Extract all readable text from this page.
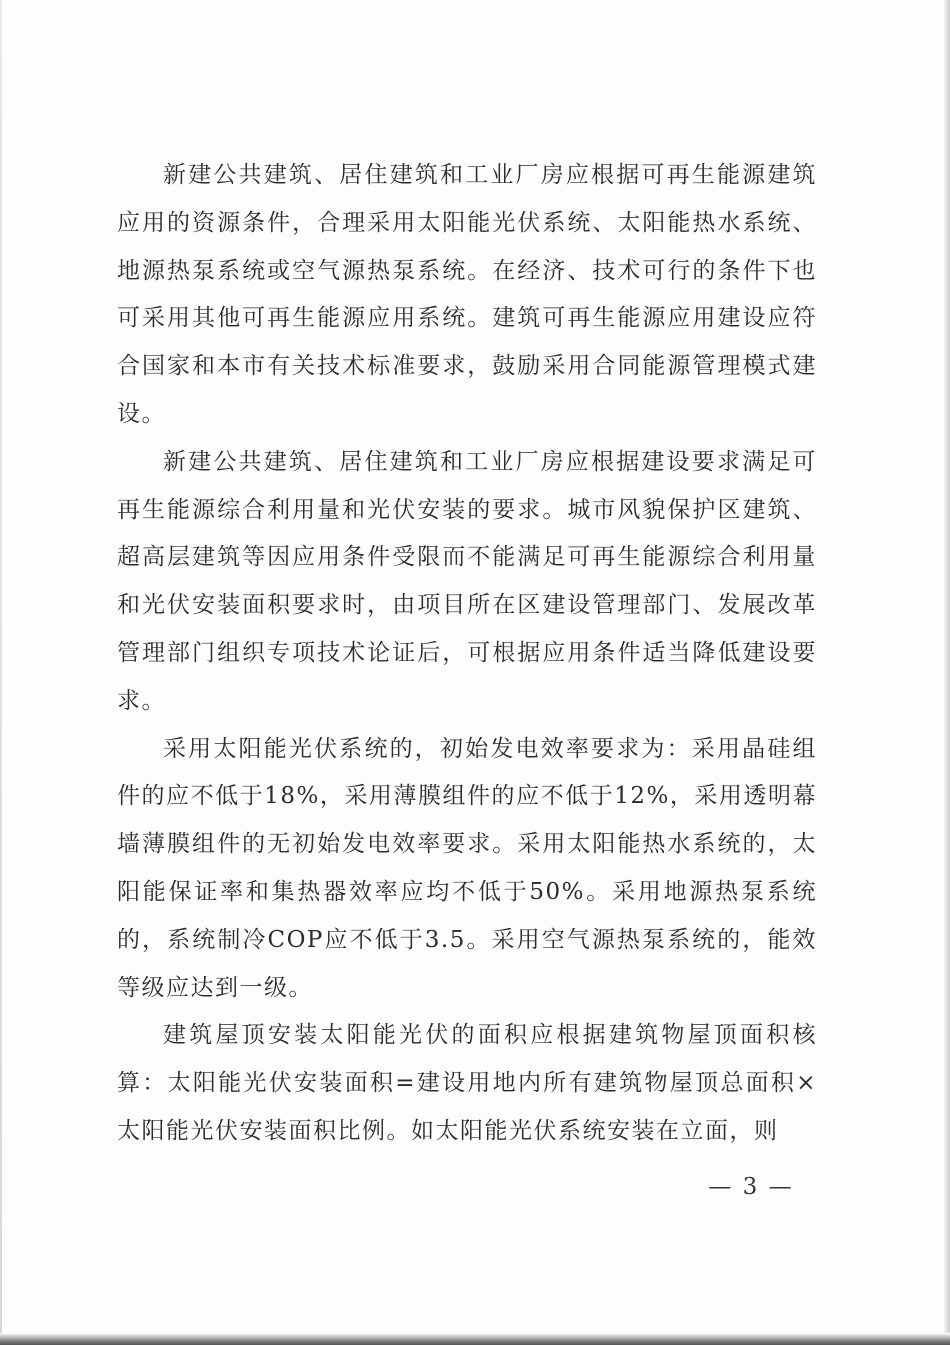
新建公共建筑、居住建筑和工业厂房应根据可再生能源建筑应用的资源条件，合理采用太阳能光伏系统、太阳能热水系统、地源热泵系统或空气源热泵系统。在经济、技术可行的条件下也可采用其他可再生能源应用系统。建筑可再生能源应用建设应符合国家和本市有关技术标准要求，鼓励采用合同能源管理模式建设。

新建公共建筑、居住建筑和工业厂房应根据建设要求满足可再生能源综合利用量和光伏安装的要求。城市风貌保护区建筑、超高层建筑等因应用条件受限而不能满足可再生能源综合利用量和光伏安装面积要求时，由项目所在区建设管理部门、发展改革管理部门组织专项技术论证后，可根据应用条件适当降低建设要求。

采用太阳能光伏系统的，初始发电效率要求为：采用晶硅组件的应不低于18%，采用薄膜组件的应不低于12%，采用透明幕墙薄膜组件的无初始发电效率要求。采用太阳能热水系统的，太阳能保证率和集热器效率应均不低于50%。采用地源热泵系统的，系统制冷COP应不低于3.5。采用空气源热泵系统的，能效等级应达到一级。

建筑屋顶安装太阳能光伏的面积应根据建筑物屋顶面积核算：太阳能光伏安装面积=建设用地内所有建筑物屋顶总面积×太阳能光伏安装面积比例。如太阳能光伏系统安装在立面，则

— 3 —
